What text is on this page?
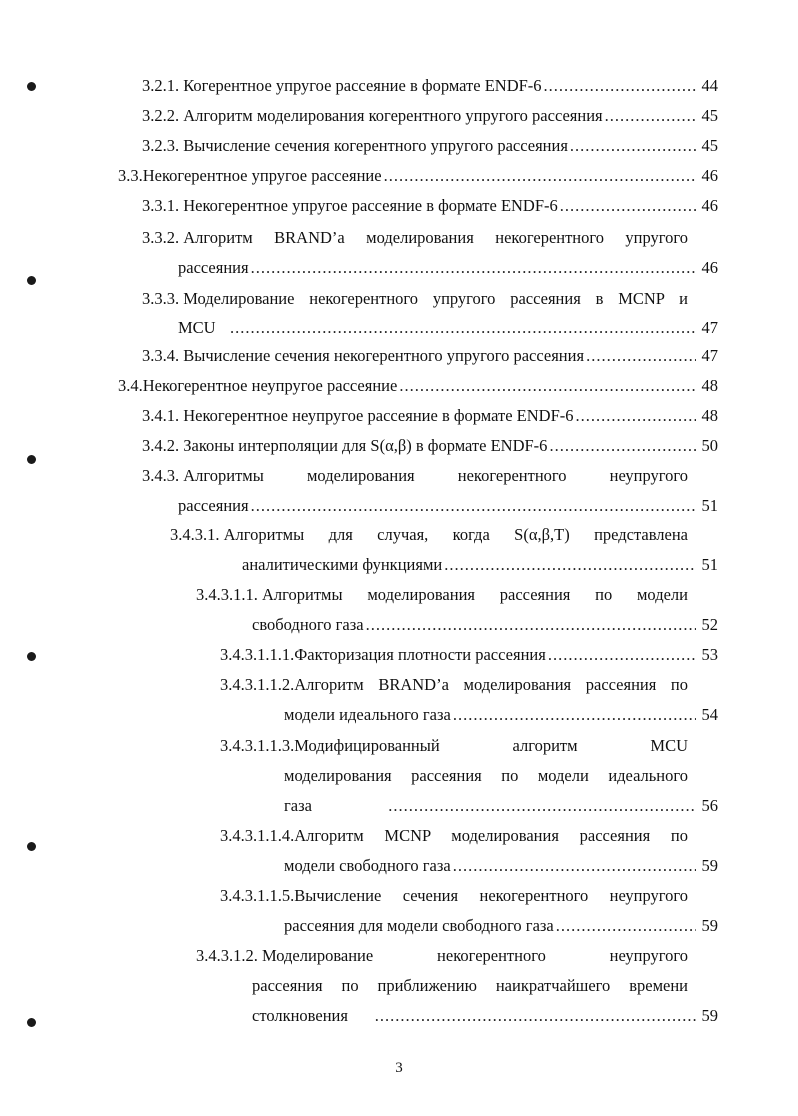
3.2.1.
Когерентное упругое рассеяние в формате ENDF-6 .....	44
3.2.2.
Алгоритм моделирования когерентного упругого рассеяния .....	45
3.2.3.
Вычисление сечения когерентного упругого рассеяния .....	45
3.3. Некогерентное упругое рассеяние .....	46
3.3.1.
Некогерентное упругое рассеяние в формате ENDF-6 .....	46
3.3.2.
Алгоритм BRAND’а моделирования некогерентного упругого
рассеяния .....	46
3.3.3.
Моделирование некогерентного упругого рассеяния в MCNP и
MCU
.....	47
3.3.4.
Вычисление сечения некогерентного упругого рассеяния .....	47
3.4. Некогерентное неупругое рассеяние .....	48
3.4.1.
Некогерентное неупругое рассеяние в формате ENDF-6 .....	48
3.4.2.
Законы интерполяции для S(α,β) в формате ENDF-6 .....	50
3.4.3.
Алгоритмы моделирования некогерентного неупругого
рассеяния .....	51
3.4.3.1.
Алгоритмы для случая, когда S(α,β,T) представлена
аналитическими функциями .....	51
3.4.3.1.1.
Алгоритмы моделирования рассеяния по модели
свободного газа .....	52
3.4.3.1.1.1. Факторизация плотности рассеяния .....	53
3.4.3.1.1.2. Алгоритм BRAND’а моделирования рассеяния по
модели идеального газа .....	54
3.4.3.1.1.3. Модифицированный алгоритм MCU
моделирования рассеяния по модели идеального
газа
.....	56
3.4.3.1.1.4. Алгоритм MCNP моделирования рассеяния по
модели свободного газа .....	59
3.4.3.1.1.5. Вычисление сечения некогерентного неупругого
рассеяния для модели свободного газа .....	59
3.4.3.1.2.
Моделирование некогерентного неупругого
рассеяния по приближению наикратчайшего времени
столкновения
.....	59
3
